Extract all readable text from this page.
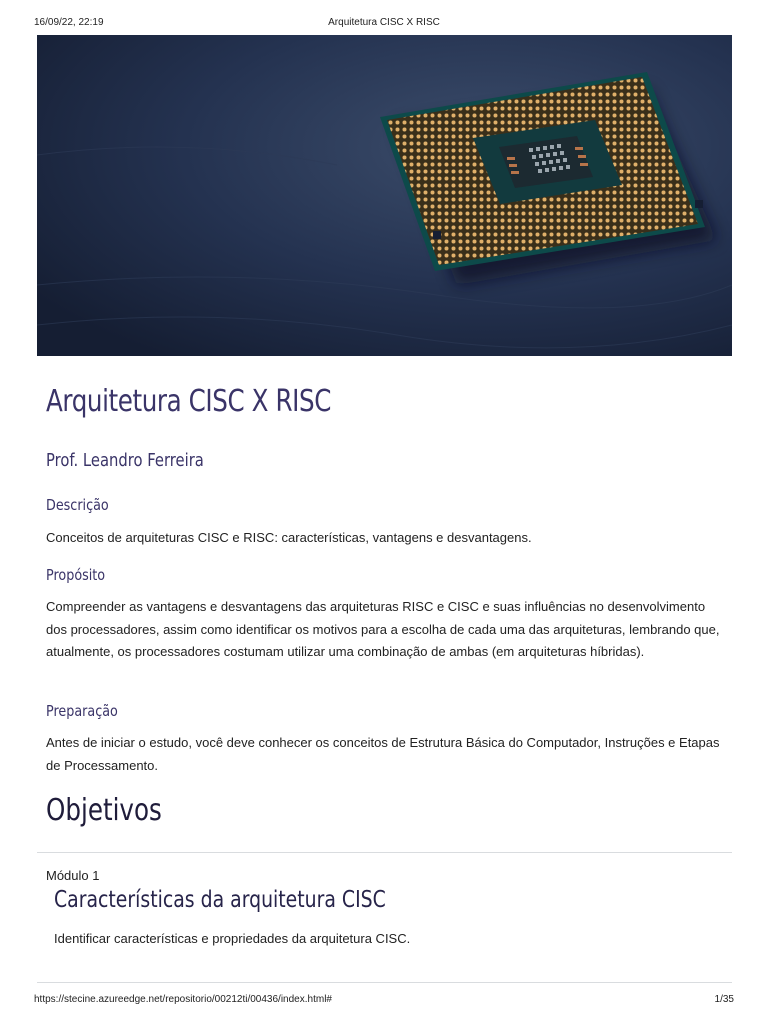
16/09/22, 22:19	Arquitetura CISC X RISC
Arquitetura CISC X RISC
Prof. Leandro Ferreira
Descrição
Conceitos de arquiteturas CISC e RISC: características, vantagens e desvantagens.
Propósito
Compreender as vantagens e desvantagens das arquiteturas RISC e CISC e suas influências no desenvolvimento dos processadores, assim como identificar os motivos para a escolha de cada uma das arquiteturas, lembrando que, atualmente, os processadores costumam utilizar uma combinação de ambas (em arquiteturas híbridas).
Preparação
Antes de iniciar o estudo, você deve conhecer os conceitos de Estrutura Básica do Computador, Instruções e Etapas de Processamento.
Objetivos
Módulo 1
Características da arquitetura CISC
Identificar características e propriedades da arquitetura CISC.
https://stecine.azureedge.net/repositorio/00212ti/00436/index.html#	1/35
